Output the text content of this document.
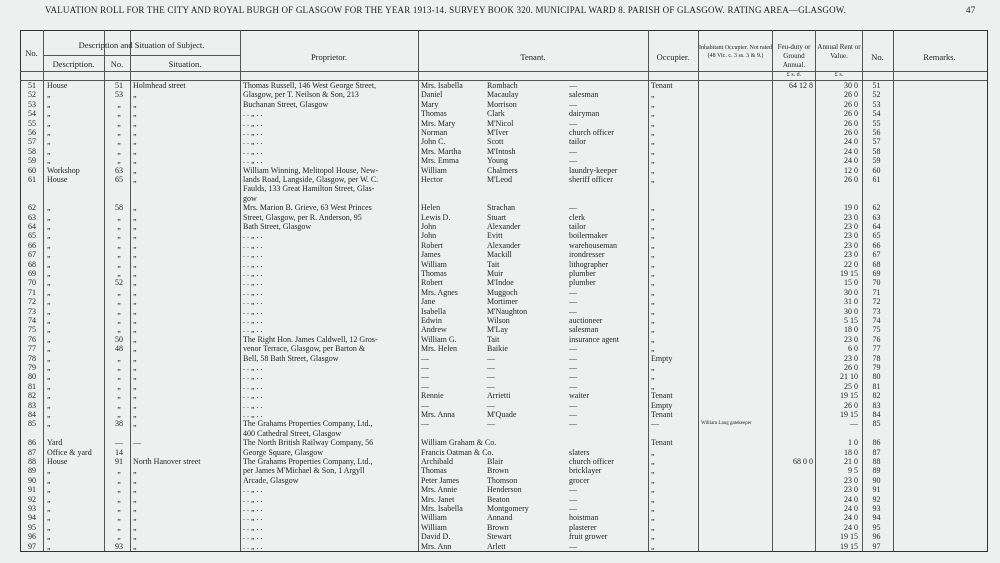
VALUATION ROLL FOR THE CITY AND ROYAL BURGH OF GLASGOW FOR THE YEAR 1913-14. SURVEY BOOK 320. MUNICIPAL WARD 8. PARISH OF GLASGOW. RATING AREA—GLASGOW.	47
No.
Description and Situation of Subject.
Description.	No.	Situation.
Proprietor.	Tenant.	Occupier.
Inhabitant Occupier. Not rated (48 Vic. c. 3 ss. 3 & 9.)
Feu-duty or Ground Annual.
Annual Rent or Value.	No.	Remarks.
£ s. d.	£ s.
51	House	51	Holmhead street	Thomas Russell, 146 West George Street,	Mrs. Isabella	Rombach	—	Tenant	64 12 8	30 0	51
52	„	53	„	Glasgow, per T. Neilson & Son, 213	Daniel	Macaulay	salesman	„	26 0	52
53	„	„	„	Buchanan Street, Glasgow	Mary	Morrison	—	„	26 0	53
54	„	„	„	. . „ . .	Thomas	Clark	dairyman	„	26 0	54
55	„	„	„	. . „ . .	Mrs. Mary	M'Nicol	—	„	26 0	55
56	„	„	„	. . „ . .	Norman	M'Iver	church officer	„	26 0	56
57	„	„	„	. . „ . .	John C.	Scott	tailor	„	24 0	57
58	„	„	„	. . „ . .	Mrs. Martha	M'Intosh	—	„	24 0	58
59	„	„	„	. . „ . .	Mrs. Emma	Young	—	„	24 0	59
60	Workshop	63	„	William Winning, Melitopol House, New-	William	Chalmers	laundry-keeper	„	12 0	60
61	House	65	„	lands Road, Langside, Glasgow, per W. C.	Hector	M'Leod	sheriff officer	„	26 0	61
Faulds, 133 Great Hamilton Street, Glas-
gow
62	„	58	„	Mrs. Marion B. Grieve, 63 West Princes	Helen	Strachan	—	„	19 0	62
63	„	„	„	Street, Glasgow, per R. Anderson, 95	Lewis D.	Stuart	clerk	„	23 0	63
64	„	„	„	Bath Street, Glasgow	John	Alexander	tailor	„	23 0	64
65	„	„	„	. . „ . .	John	Evitt	boilermaker	„	23 0	65
66	„	„	„	. . „ . .	Robert	Alexander	warehouseman	„	23 0	66
67	„	„	„	. . „ . .	James	Mackill	irondresser	„	23 0	67
68	„	„	„	. . „ . .	William	Tait	lithographer	„	22 0	68
69	„	„	„	. . „ . .	Thomas	Muir	plumber	„	19 15	69
70	„	52	„	. . „ . .	Robert	M'Indoe	plumber	„	15 0	70
71	„	„	„	. . „ . .	Mrs. Agnes	Muggoch	—	„	30 0	71
72	„	„	„	. . „ . .	Jane	Mortimer	—	„	31 0	72
73	„	„	„	. . „ . .	Isabella	M'Naughton	—	„	30 0	73
74	„	„	„	. . „ . .	Edwin	Wilson	auctioneer	„	5 15	74
75	„	„	„	. . „ . .	Andrew	M'Lay	salesman	„	18 0	75
76	„	50	„	The Right Hon. James Caldwell, 12 Gros-	William G.	Tait	insurance agent	„	23 0	76
77	„	48	„	venor Terrace, Glasgow, per Barton &	Mrs. Helen	Baikie	—	„	6 0	77
78	„	„	„	Bell, 58 Bath Street, Glasgow	—	—	—	Empty	23 0	78
79	„	„	„	. . „ . .	—	—	—	„	26 0	79
80	„	„	„	. . „ . .	—	—	—	„	21 10	80
81	„	„	„	. . „ . .	—	—	—	„	25 0	81
82	„	„	„	. . „ . .	Rennie	Arrietti	waiter	Tenant	19 15	82
83	„	„	„	. . „ . .	—	—	—	Empty	26 0	83
84	„	„	„	. . „ . .	Mrs. Anna	M'Quade	—	Tenant	19 15	84
85	„	38	„	The Grahams Properties Company, Ltd.,	—	—	—	—	William Lang gatekeeper	—	85
400 Cathedral Street, Glasgow
86	Yard	—	—	The North British Railway Company, 56	William Graham & Co.	Tenant	1 0	86
87	Office & yard	14	George Square, Glasgow	Francis Oatman & Co.	slaters	„	18 0	87
88	House	91	North Hanover street	The Grahams Properties Company, Ltd.,	Archibald	Blair	church officer	„	68 0 0	21 0	88
89	„	„	„	per James M'Michael & Son, 1 Argyll	Thomas	Brown	bricklayer	„	9 5	89
90	„	„	„	Arcade, Glasgow	Peter James	Thomson	grocer	„	23 0	90
91	„	„	„	. . „ . .	Mrs. Annie	Henderson	—	„	23 0	91
92	„	„	„	. . „ . .	Mrs. Janet	Beaton	—	„	24 0	92
93	„	„	„	. . „ . .	Mrs. Isabella	Montgomery	—	„	24 0	93
94	„	„	„	. . „ . .	William	Annand	hoistman	„	24 0	94
95	„	„	„	. . „ . .	William	Brown	plasterer	„	24 0	95
96	„	„	„	. . „ . .	David D.	Stewart	fruit grower	„	19 15	96
97	„	93	„	. . „ . .	Mrs. Ann	Arlett	—	„	19 15	97
